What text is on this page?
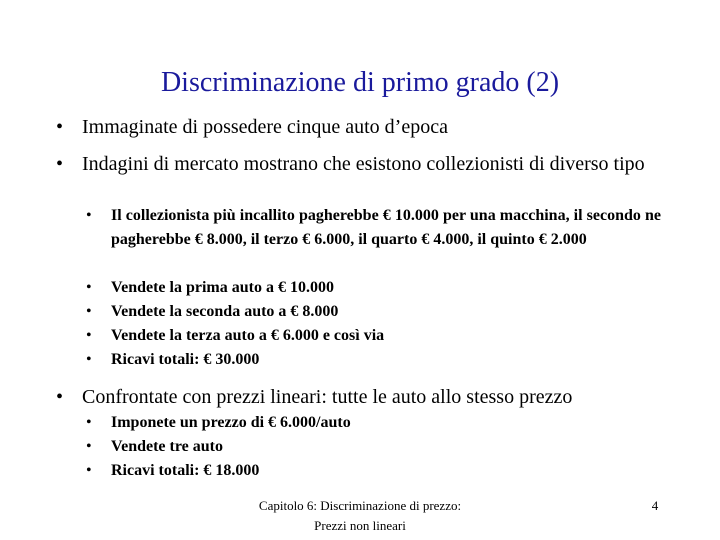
Discriminazione di primo grado (2)
• Immaginate di possedere cinque auto d’epoca
• Indagini di mercato mostrano che esistono collezionisti di diverso tipo
• Il collezionista più incallito pagherebbe € 10.000 per una macchina, il secondo ne pagherebbe € 8.000, il terzo € 6.000, il quarto € 4.000, il quinto € 2.000
• Vendete la prima auto a € 10.000
• Vendete la seconda auto a € 8.000
• Vendete la terza auto a € 6.000 e così via
• Ricavi totali: € 30.000
• Confrontate con prezzi lineari: tutte le auto allo stesso prezzo
• Imponete un prezzo di € 6.000/auto
• Vendete tre auto
• Ricavi totali: € 18.000
Capitolo 6: Discriminazione di prezzo: Prezzi non lineari
4
